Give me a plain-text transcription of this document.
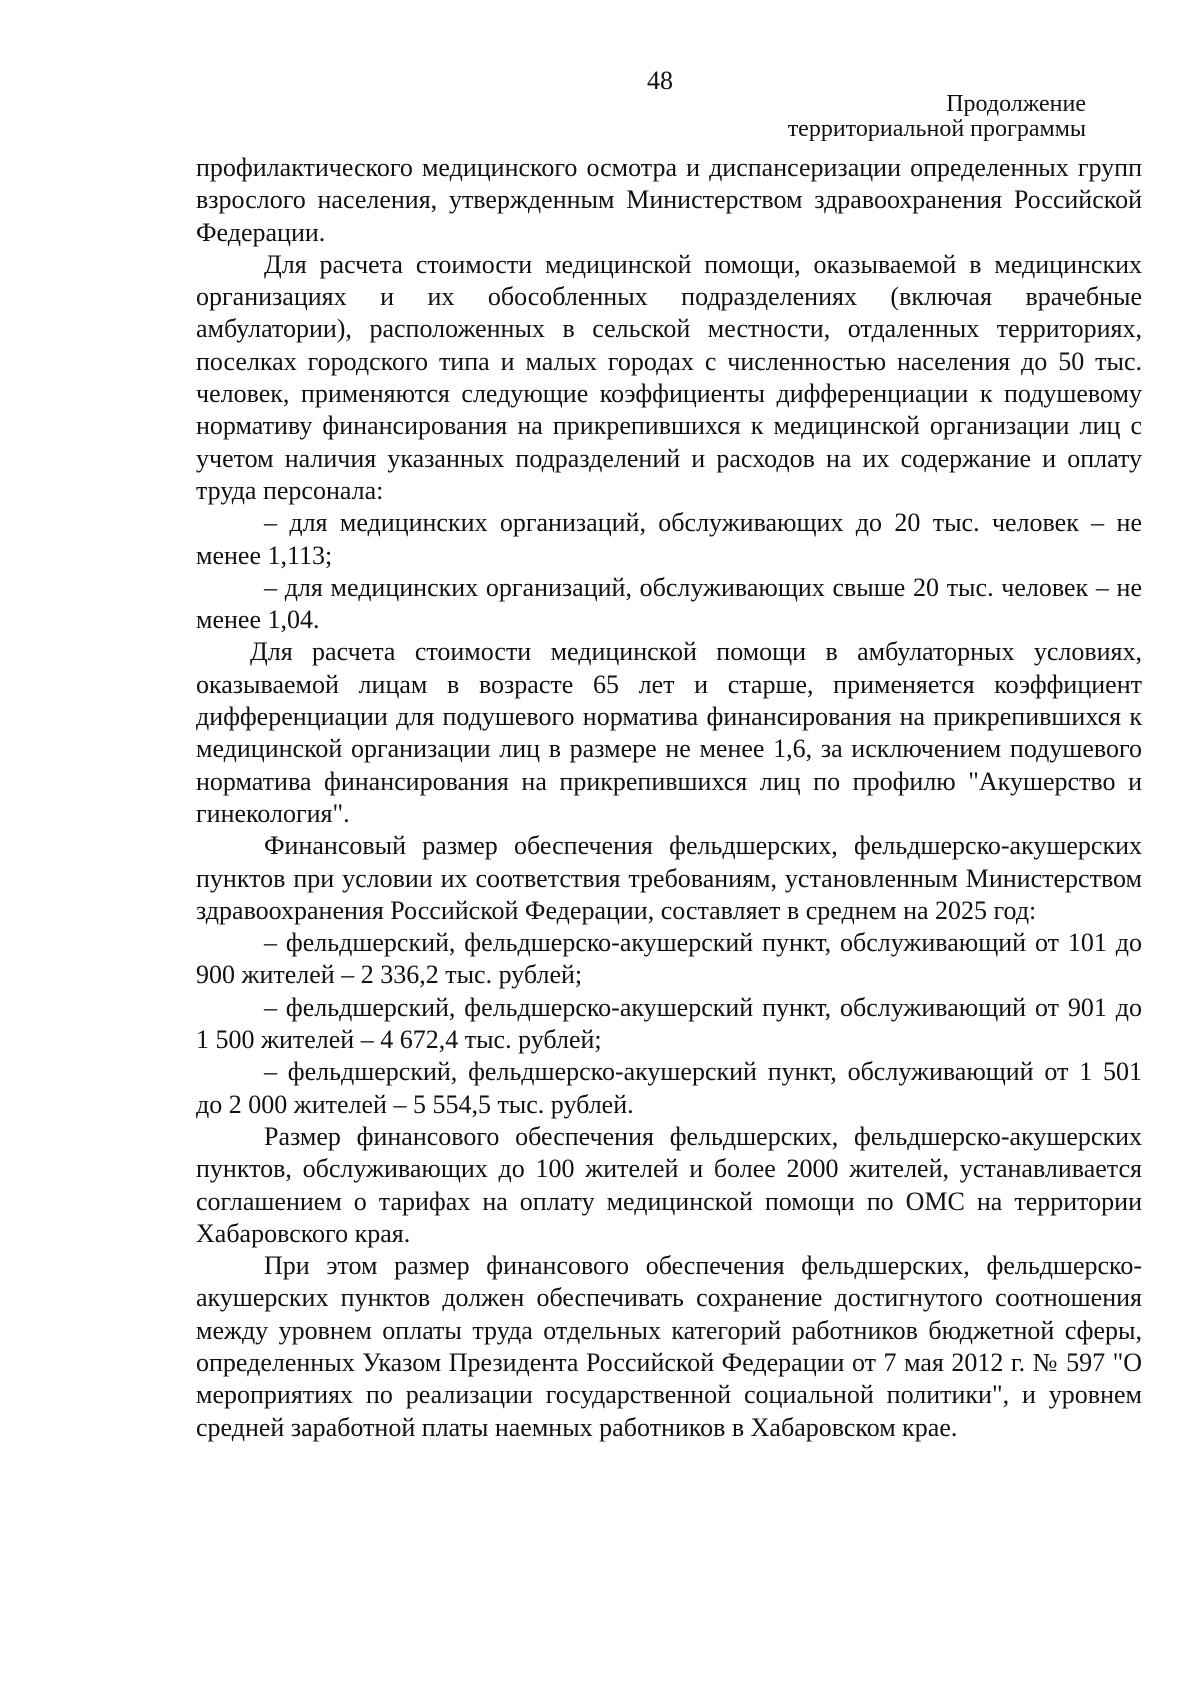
48
Продолжение
территориальной программы

профилактического медицинского осмотра и диспансеризации определенных групп взрослого населения, утвержденным Министерством здравоохранения Российской Федерации.

Для расчета стоимости медицинской помощи, оказываемой в медицинских организациях и их обособленных подразделениях (включая врачебные амбулатории), расположенных в сельской местности, отдаленных территориях, поселках городского типа и малых городах с численностью населения до 50 тыс. человек, применяются следующие коэффициенты дифференциации к подушевому нормативу финансирования на прикрепившихся к медицинской организации лиц с учетом наличия указанных подразделений и расходов на их содержание и оплату труда персонала:

– для медицинских организаций, обслуживающих до 20 тыс. человек – не менее 1,113;

– для медицинских организаций, обслуживающих свыше 20 тыс. человек – не менее 1,04.

Для расчета стоимости медицинской помощи в амбулаторных условиях, оказываемой лицам в возрасте 65 лет и старше, применяется коэффициент дифференциации для подушевого норматива финансирования на прикрепившихся к медицинской организации лиц в размере не менее 1,6, за исключением подушевого норматива финансирования на прикрепившихся лиц по профилю "Акушерство и гинекология".

Финансовый размер обеспечения фельдшерских, фельдшерско-акушерских пунктов при условии их соответствия требованиям, установленным Министерством здравоохранения Российской Федерации, составляет в среднем на 2025 год:

– фельдшерский, фельдшерско-акушерский пункт, обслуживающий от 101 до 900 жителей – 2 336,2 тыс. рублей;

– фельдшерский, фельдшерско-акушерский пункт, обслуживающий от 901 до 1 500 жителей – 4 672,4 тыс. рублей;

– фельдшерский, фельдшерско-акушерский пункт, обслуживающий от 1 501 до 2 000 жителей – 5 554,5 тыс. рублей.

Размер финансового обеспечения фельдшерских, фельдшерско-акушерских пунктов, обслуживающих до 100 жителей и более 2000 жителей, устанавливается соглашением о тарифах на оплату медицинской помощи по ОМС на территории Хабаровского края.

При этом размер финансового обеспечения фельдшерских, фельдшерско-акушерских пунктов должен обеспечивать сохранение достигнутого соотношения между уровнем оплаты труда отдельных категорий работников бюджетной сферы, определенных Указом Президента Российской Федерации от 7 мая 2012 г. № 597 "О мероприятиях по реализации государственной социальной политики", и уровнем средней заработной платы наемных работников в Хабаровском крае.
